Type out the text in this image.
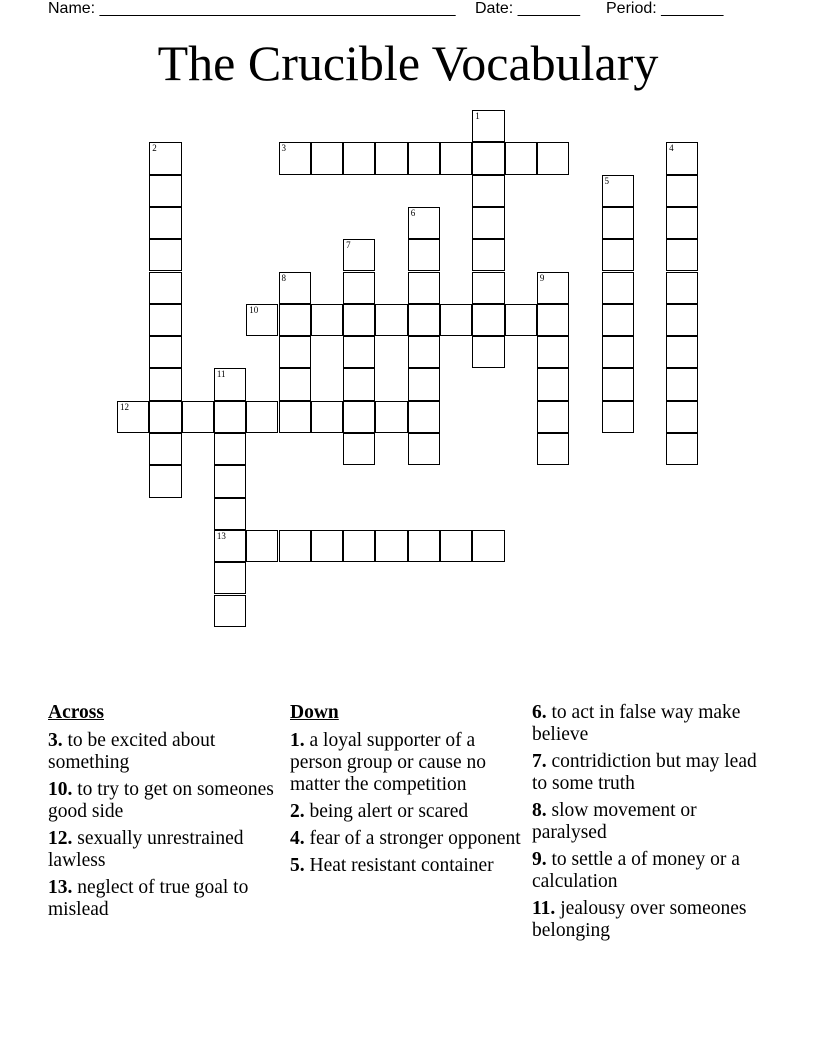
Name: ________________________________________ Date: _______ Period: _______
The Crucible Vocabulary
1
2	3	4
5
6
7
8	9
10
11
13
12
Across
3. to be excited about something
10. to try to get on someones good side
12. sexually unrestrained lawless
13. neglect of true goal to mislead
Down
1. a loyal supporter of a person group or cause no matter the competition
2. being alert or scared
4. fear of a stronger opponent
5. Heat resistant container
6. to act in false way make believe
7. contridiction but may lead to some truth
8. slow movement or paralysed
9. to settle a of money or a calculation
11. jealousy over someones belonging
